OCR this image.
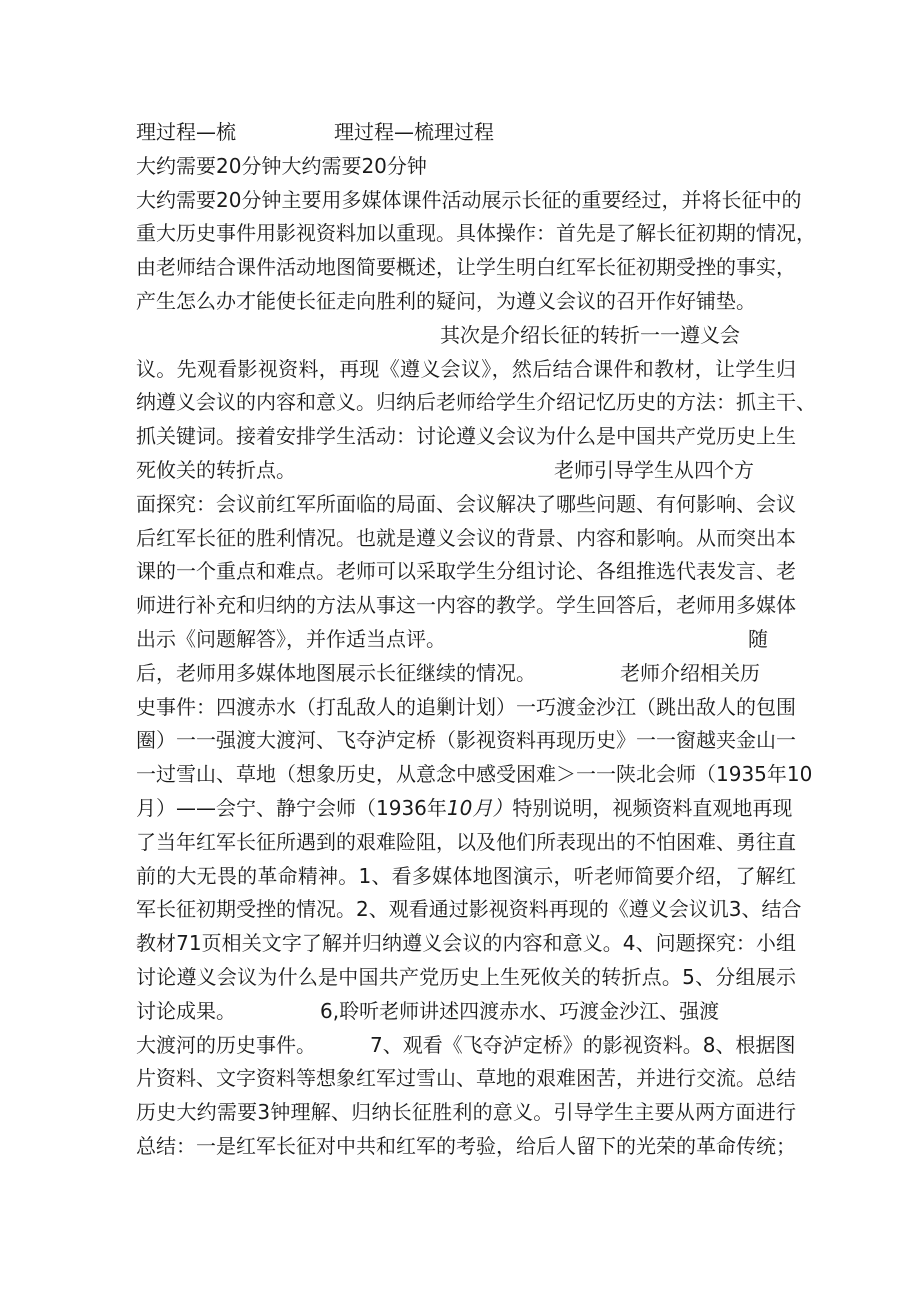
理过程—梳	理过程—梳理过程
大约需要20分钟大约需要20分钟
大约需要20分钟主要用多媒体课件活动展示长征的重要经过，并将长征中的
重大历史事件用影视资料加以重现。具体操作：首先是了解长征初期的情况，
由老师结合课件活动地图简要概述，让学生明白红军长征初期受挫的事实，
产生怎么办才能使长征走向胜利的疑问，为遵义会议的召开作好铺垫。
其次是介绍长征的转折一一遵义会
议。先观看影视资料，再现《遵义会议》，然后结合课件和教材，让学生归
纳遵义会议的内容和意义。归纳后老师给学生介绍记忆历史的方法：抓主干、
抓关键词。接着安排学生活动：讨论遵义会议为什么是中国共产党历史上生
死攸关的转折点。	老师引导学生从四个方
面探究：会议前红军所面临的局面、会议解决了哪些问题、有何影响、会议
后红军长征的胜利情况。也就是遵义会议的背景、内容和影响。从而突出本
课的一个重点和难点。老师可以采取学生分组讨论、各组推选代表发言、老
师进行补充和归纳的方法从事这一内容的教学。学生回答后，老师用多媒体
出示《问题解答》，并作适当点评。	随
后，老师用多媒体地图展示长征继续的情况。	老师介绍相关历
史事件：四渡赤水（打乱敌人的追剿计划）一巧渡金沙江（跳出敌人的包围
圈）一一强渡大渡河、飞夺泸定桥（影视资料再现历史》一一窗越夹金山一
一过雪山、草地（想象历史，从意念中感受困难＞一一陕北会师（1935年10
月）——会宁、静宁会师（1936年10月）特别说明，视频资料直观地再现
了当年红军长征所遇到的艰难险阻，以及他们所表现出的不怕困难、勇往直
前的大无畏的革命精神。1、看多媒体地图演示，听老师简要介绍，了解红
军长征初期受挫的情况。2、观看通过影视资料再现的《遵义会议讥3、结合
教材71页相关文字了解并归纳遵义会议的内容和意义。4、问题探究：小组
讨论遵义会议为什么是中国共产党历史上生死攸关的转折点。5、分组展示
讨论成果。	6,聆听老师讲述四渡赤水、巧渡金沙江、强渡
大渡河的历史事件。	7、观看《飞夺泸定桥》的影视资料。8、根据图
片资料、文字资料等想象红军过雪山、草地的艰难困苦，并进行交流。总结
历史大约需要3钟理解、归纳长征胜利的意义。引导学生主要从两方面进行
总结：一是红军长征对中共和红军的考验，给后人留下的光荣的革命传统；
